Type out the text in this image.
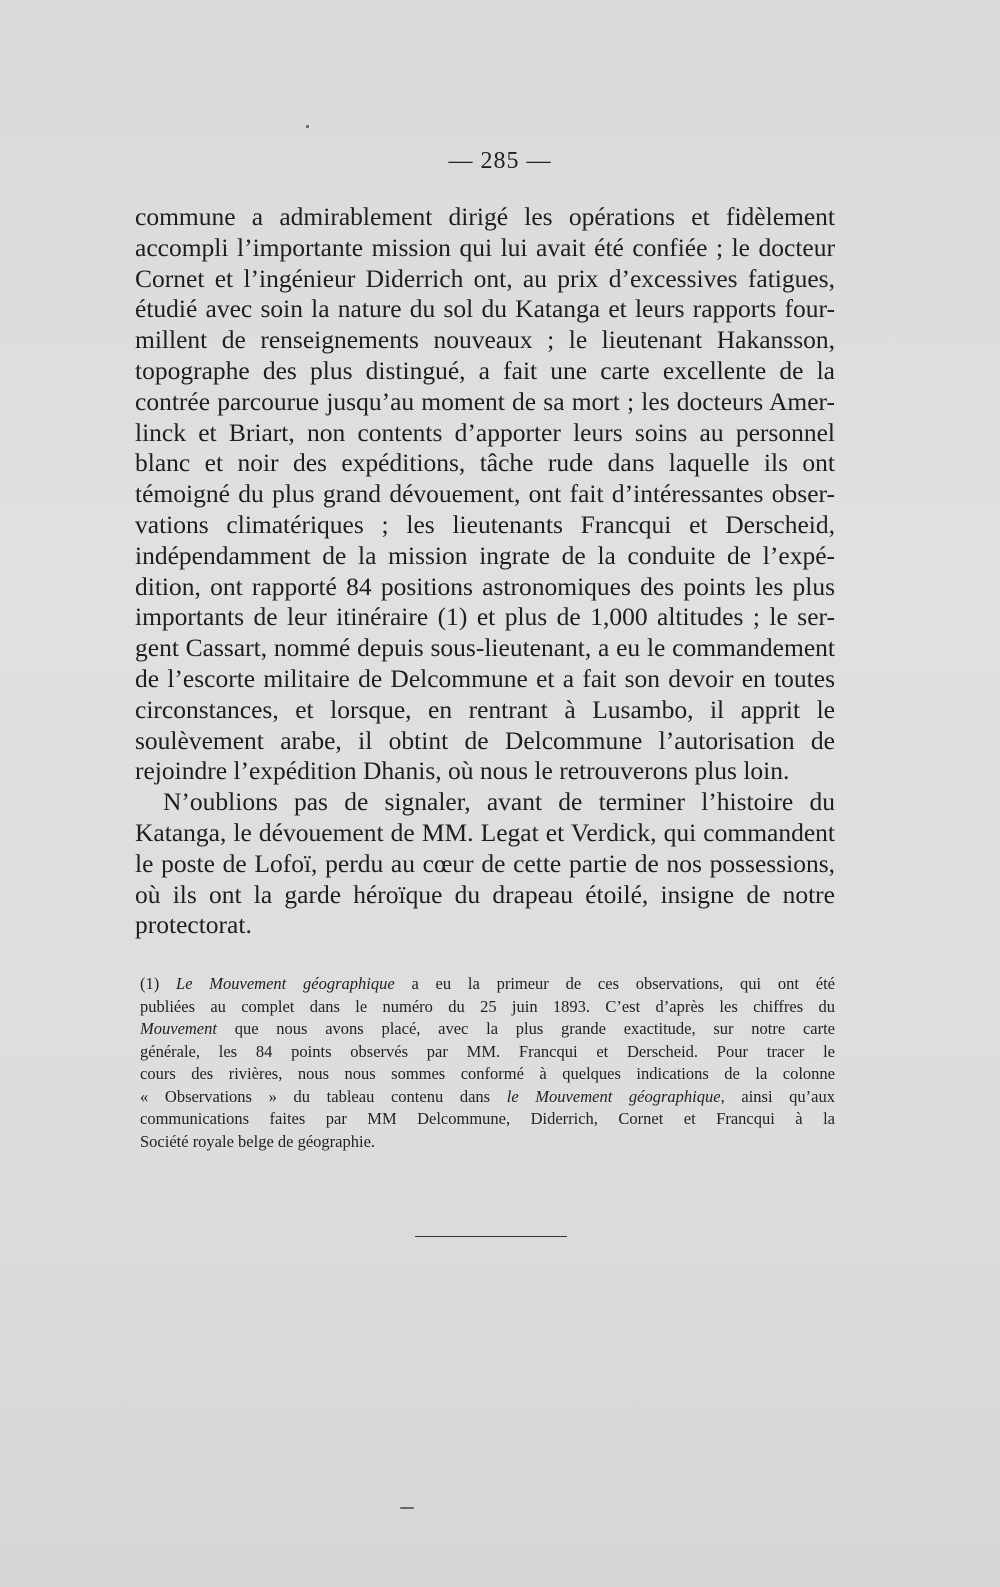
— 285 —

commune a admirablement dirigé les opérations et fidèlement
accompli l’importante mission qui lui avait été confiée ; le docteur
Cornet et l’ingénieur Diderrich ont, au prix d’excessives fatigues,
étudié avec soin la nature du sol du Katanga et leurs rapports four-
millent de renseignements nouveaux ; le lieutenant Hakansson,
topographe des plus distingué, a fait une carte excellente de la
contrée parcourue jusqu’au moment de sa mort ; les docteurs Amer-
linck et Briart, non contents d’apporter leurs soins au personnel
blanc et noir des expéditions, tâche rude dans laquelle ils ont
témoigné du plus grand dévouement, ont fait d’intéressantes obser-
vations climatériques ; les lieutenants Francqui et Derscheid,
indépendamment de la mission ingrate de la conduite de l’expé-
dition, ont rapporté 84 positions astronomiques des points les plus
importants de leur itinéraire (1) et plus de 1,000 altitudes ; le ser-
gent Cassart, nommé depuis sous-lieutenant, a eu le commandement
de l’escorte militaire de Delcommune et a fait son devoir en toutes
circonstances, et lorsque, en rentrant à Lusambo, il apprit le
soulèvement arabe, il obtint de Delcommune l’autorisation de
rejoindre l’expédition Dhanis, où nous le retrouverons plus loin.

N’oublions pas de signaler, avant de terminer l’histoire du
Katanga, le dévouement de MM. Legat et Verdick, qui commandent
le poste de Lofoï, perdu au cœur de cette partie de nos possessions,
où ils ont la garde héroïque du drapeau étoilé, insigne de notre
protectorat.

(1) Le Mouvement géographique a eu la primeur de ces observations, qui ont été
publiées au complet dans le numéro du 25 juin 1893. C’est d’après les chiffres du
Mouvement que nous avons placé, avec la plus grande exactitude, sur notre carte
générale, les 84 points observés par MM. Francqui et Derscheid. Pour tracer le
cours des rivières, nous nous sommes conformé à quelques indications de la colonne
« Observations » du tableau contenu dans le Mouvement géographique, ainsi qu’aux
communications faites par MM Delcommune, Diderrich, Cornet et Francqui à la
Société royale belge de géographie.
